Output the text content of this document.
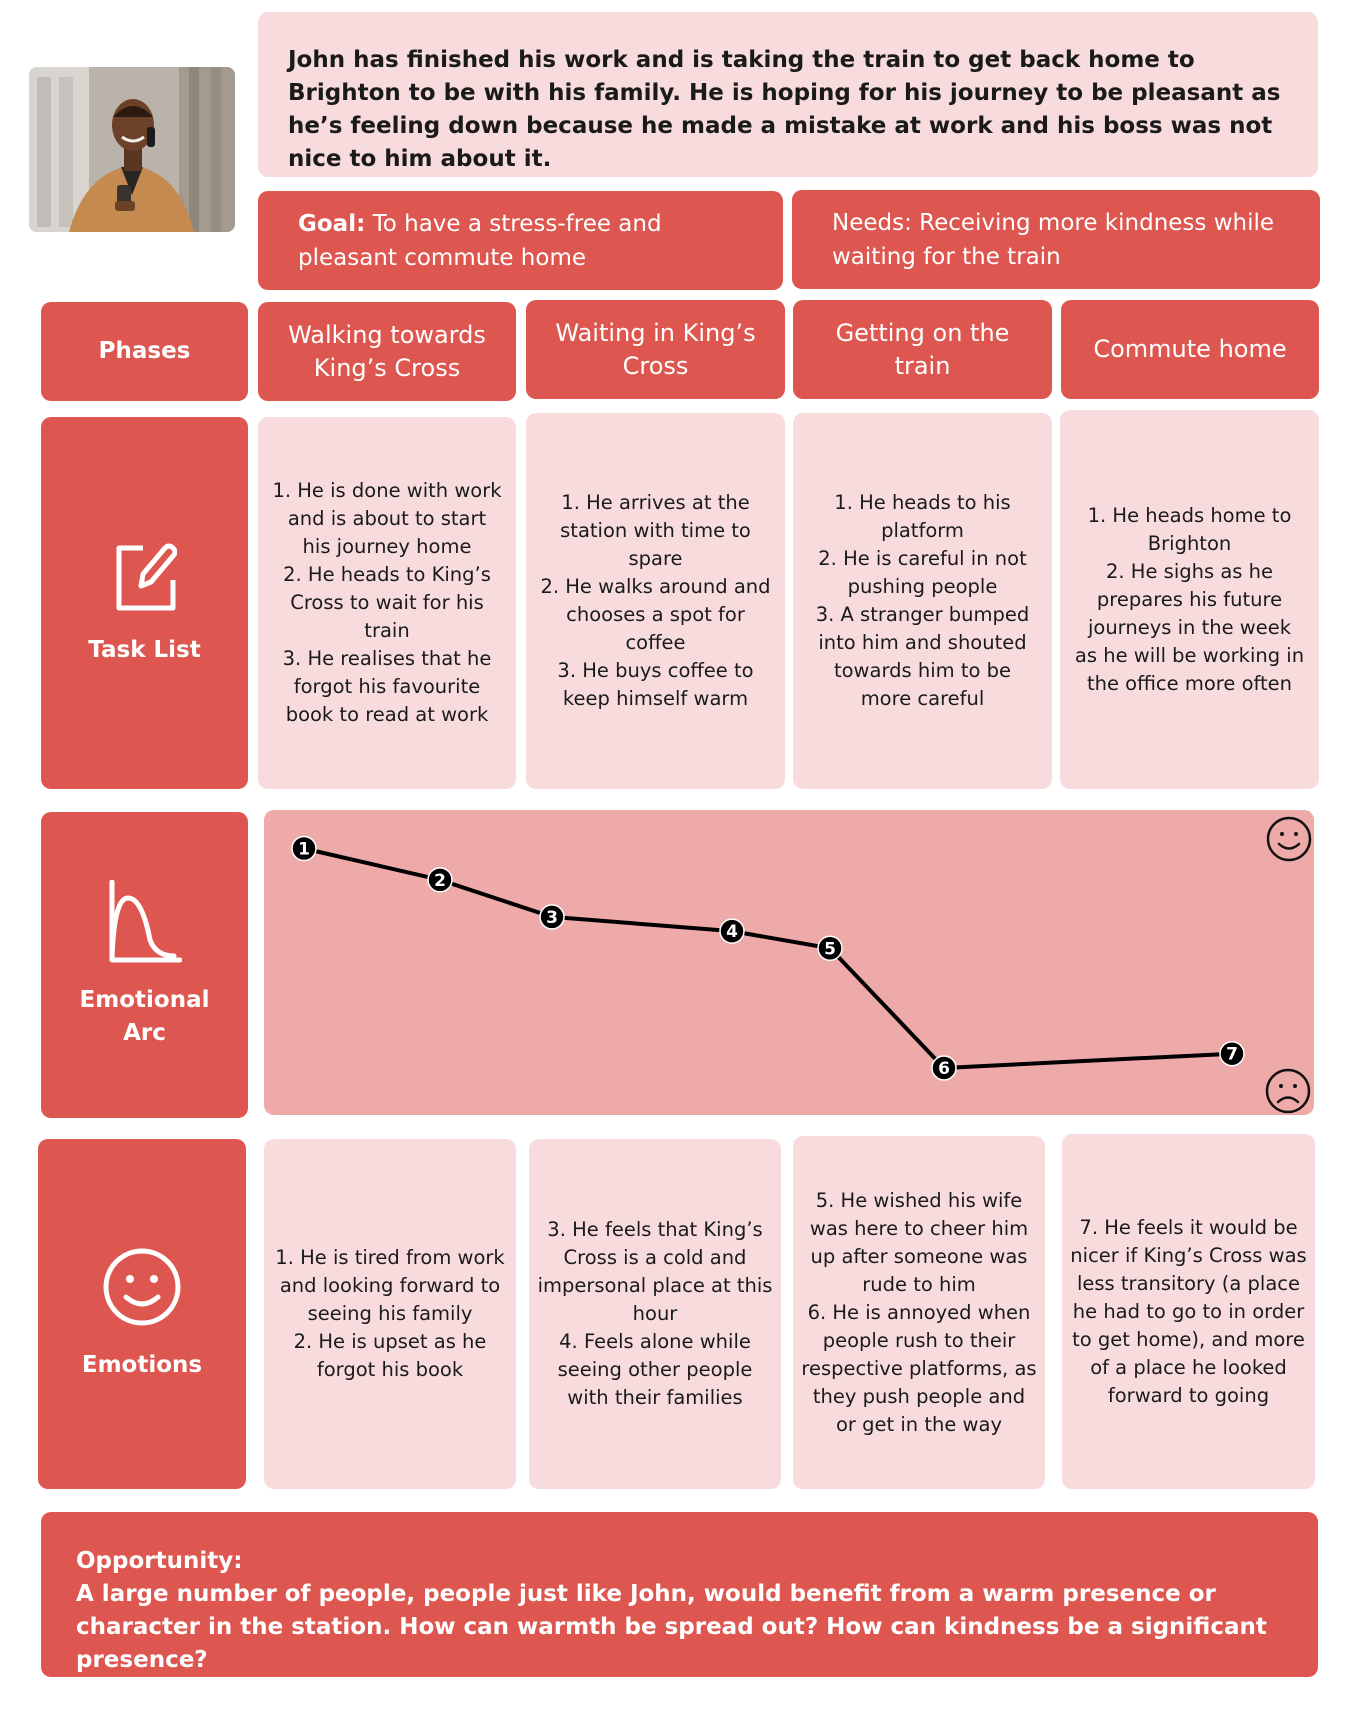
John has finished his work and is taking the train to get back home to Brighton to be with his family. He is hoping for his journey to be pleasant as he’s feeling down because he made a mistake at work and his boss was not nice to him about it.
Goal: To have a stress-free and pleasant commute home
Needs: Receiving more kindness while waiting for the train
Phases
Walking towards King’s Cross
Waiting in King’s Cross
Getting on the train
Commute home
Task List
1. He is done with work and is about to start his journey home
2. He heads to King’s Cross to wait for his train
3. He realises that he forgot his favourite book to read at work
1. He arrives at the station with time to spare
2. He walks around and chooses a spot for coffee
3. He buys coffee to keep himself warm
1. He heads to his platform
2. He is careful in not pushing people
3. A stranger bumped into him and shouted towards him to be more careful
1. He heads home to Brighton
2. He sighs as he prepares his future journeys in the week as he will be working in the office more often
Emotional
Arc
1
2
3
4
5
6
7
Emotions

1. He is tired from work and looking forward to seeing his family

2. He is upset as he forgot his book

3. He feels that King’s Cross is a cold and impersonal place at this hour

4. Feels alone while seeing other people with their families

5. He wished his wife was here to cheer him up after someone was rude to him

6. He is annoyed when people rush to their respective platforms, as they push people and or get in the way

7. He feels it would be nicer if King’s Cross was less transitory (a place he had to go to in order to get home), and more of a place he looked forward to going

Opportunity:
A large number of people, people just like John, would benefit from a warm presence or character in the station. How can warmth be spread out? How can kindness be a significant presence?
